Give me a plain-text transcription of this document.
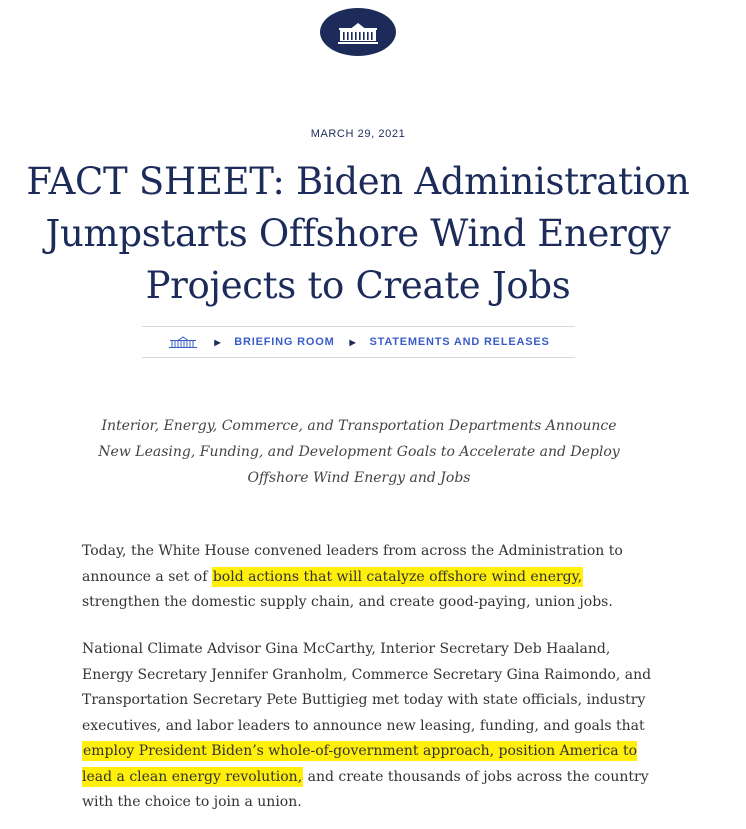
MARCH 29, 2021
FACT SHEET: Biden Administration Jumpstarts Offshore Wind Energy Projects to Create Jobs
▶ BRIEFING ROOM ▶ STATEMENTS AND RELEASES

Interior, Energy, Commerce, and Transportation Departments Announce New Leasing, Funding, and Development Goals to Accelerate and Deploy Offshore Wind Energy and Jobs

Today, the White House convened leaders from across the Administration to announce a set of bold actions that will catalyze offshore wind energy, strengthen the domestic supply chain, and create good-paying, union jobs.

National Climate Advisor Gina McCarthy, Interior Secretary Deb Haaland, Energy Secretary Jennifer Granholm, Commerce Secretary Gina Raimondo, and Transportation Secretary Pete Buttigieg met today with state officials, industry executives, and labor leaders to announce new leasing, funding, and goals that employ President Biden’s whole-of-government approach, position America to lead a clean energy revolution, and create thousands of jobs across the country with the choice to join a union.
